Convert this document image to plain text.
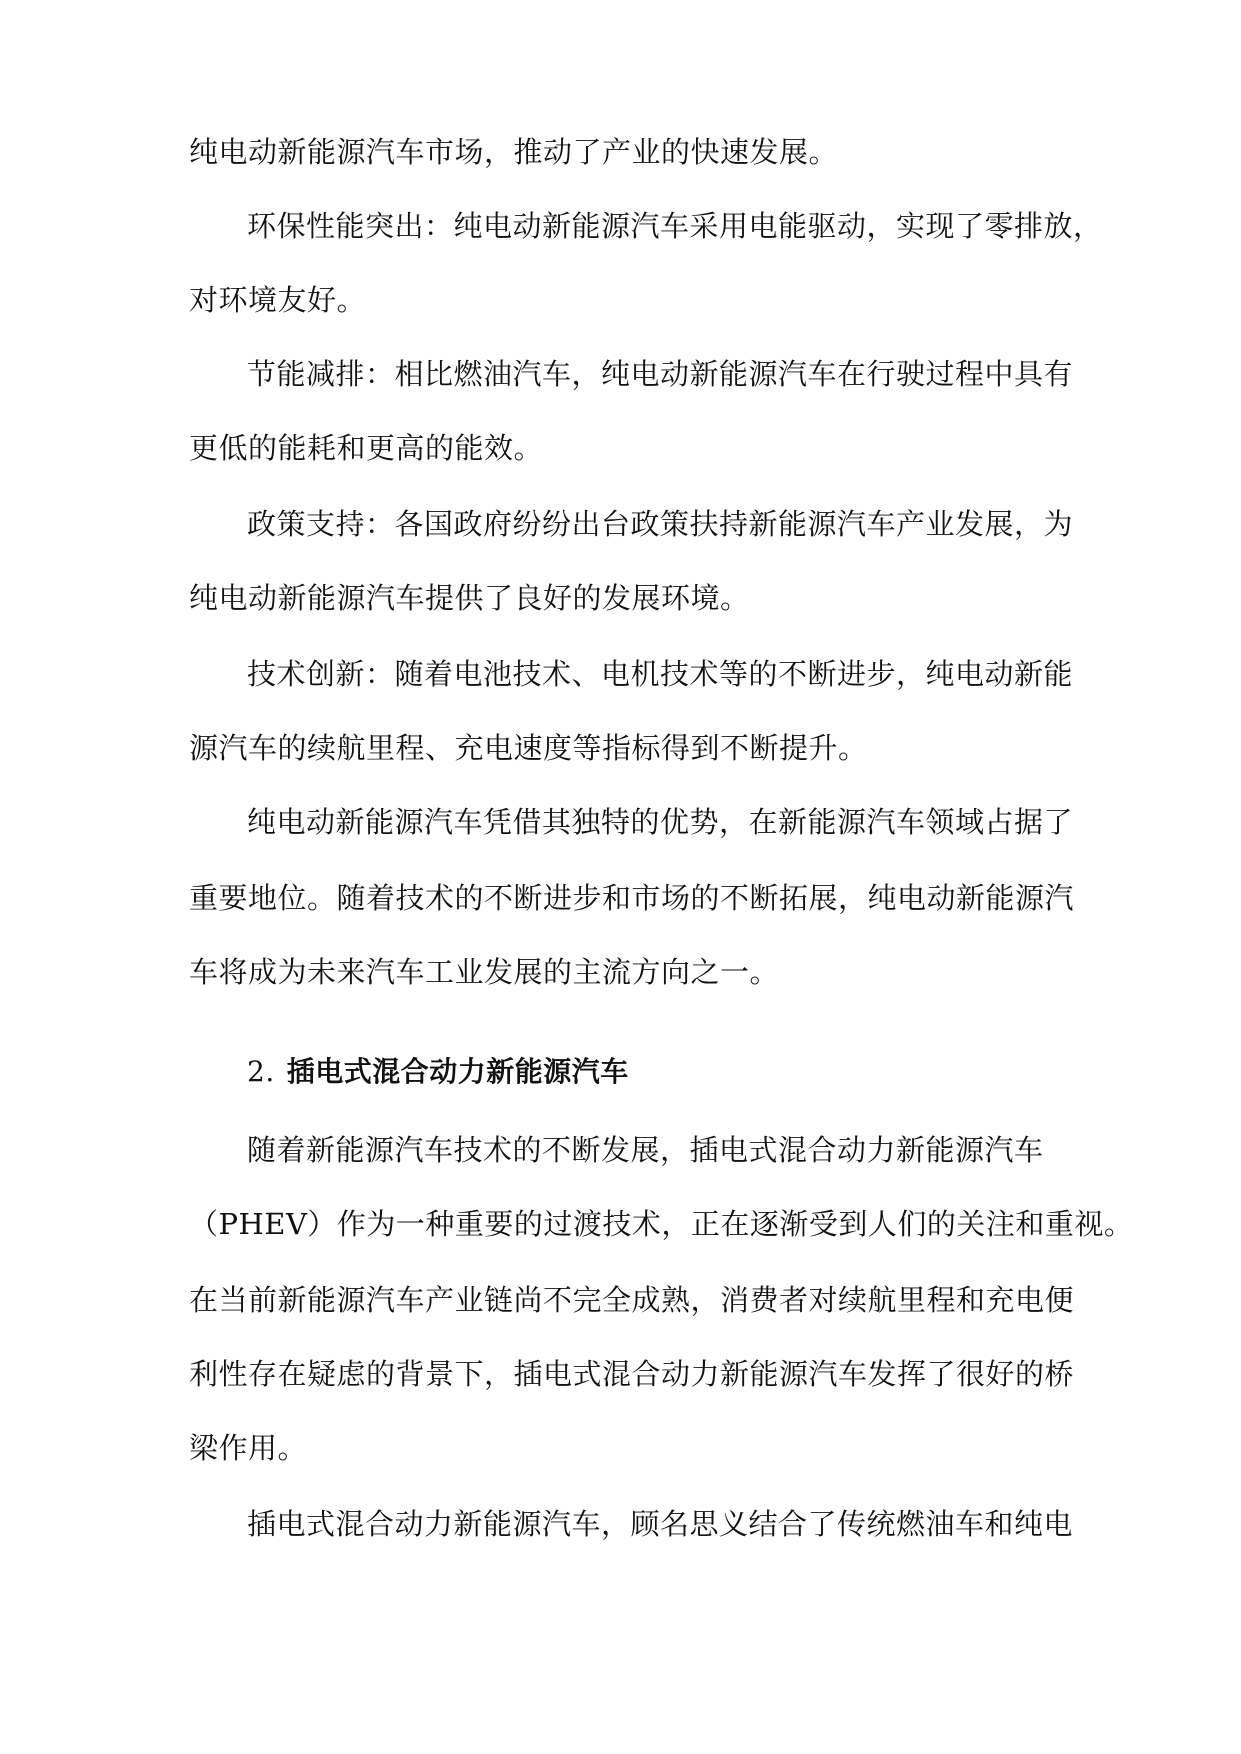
纯电动新能源汽车市场，推动了产业的快速发展。
环保性能突出：纯电动新能源汽车采用电能驱动，实现了零排放，
对环境友好。
节能减排：相比燃油汽车，纯电动新能源汽车在行驶过程中具有
更低的能耗和更高的能效。
政策支持：各国政府纷纷出台政策扶持新能源汽车产业发展，为
纯电动新能源汽车提供了良好的发展环境。
技术创新：随着电池技术、电机技术等的不断进步，纯电动新能
源汽车的续航里程、充电速度等指标得到不断提升。
纯电动新能源汽车凭借其独特的优势，在新能源汽车领域占据了
重要地位。随着技术的不断进步和市场的不断拓展，纯电动新能源汽
车将成为未来汽车工业发展的主流方向之一。
2. 插电式混合动力新能源汽车
随着新能源汽车技术的不断发展，插电式混合动力新能源汽车
（PHEV）作为一种重要的过渡技术，正在逐渐受到人们的关注和重视。
在当前新能源汽车产业链尚不完全成熟，消费者对续航里程和充电便
利性存在疑虑的背景下，插电式混合动力新能源汽车发挥了很好的桥
梁作用。
插电式混合动力新能源汽车，顾名思义结合了传统燃油车和纯电
